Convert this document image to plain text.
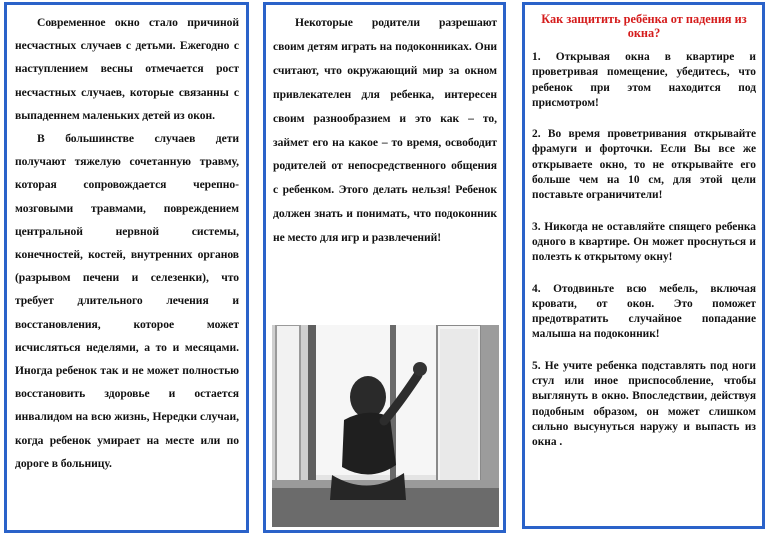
Современное окно стало причиной несчастных случаев с детьми. Ежегодно с наступлением весны отмечается рост несчастных случаев, которые связанны с выпаденнем маленьких детей из окон.

В большинстве случаев дети получают тяжелую сочетанную травму, которая сопровождается черепно-мозговыми травмами, повреждением центральной нервной системы, конечностей, костей, внутренних органов (разрывом печени и селезенки), что требует длительного лечения и восстановления, которое может исчисляться неделями, а то и месяцами. Иногда ребенок так и не может полностью восстановить здоровье и остается инвалидом на всю жизнь, Нередки случаи, когда ребенок умирает на месте или по дороге в больницу.

Некоторые родители разрешают своим детям играть на подоконниках. Они считают, что окружающий мир за окном привлекателен для ребенка, интересен своим разнообразием и это как – то, займет его на какое – то время, освободит родителей от непосредственного общения с ребенком. Этого делать нельзя! Ребенок должен знать и понимать, что подоконник не место для игр и развлечений!

Как защитить ребёнка от падения из окна?
1. Открывая окна в квартире и проветривая помещение, убедитесь, что ребенок при этом находится под присмотром!
2. Во время проветривания открывайте фрамуги и форточки. Если Вы все же открываете окно, то не открывайте его больше чем на 10 см, для этой цели поставьте ограничители!
3. Никогда не оставляйте спящего ребенка одного в квартире. Он может проснуться и полезть к открытому окну!
4. Отодвиньте всю мебель, включая кровати, от окон. Это поможет предотвратить случайное попадание малыша на подоконник!
5. Не учите ребенка подставлять под ноги стул или иное приспособление, чтобы выглянуть в окно. Впоследствии, действуя подобным образом, он может слишком сильно высунуться наружу и выпасть из окна .
